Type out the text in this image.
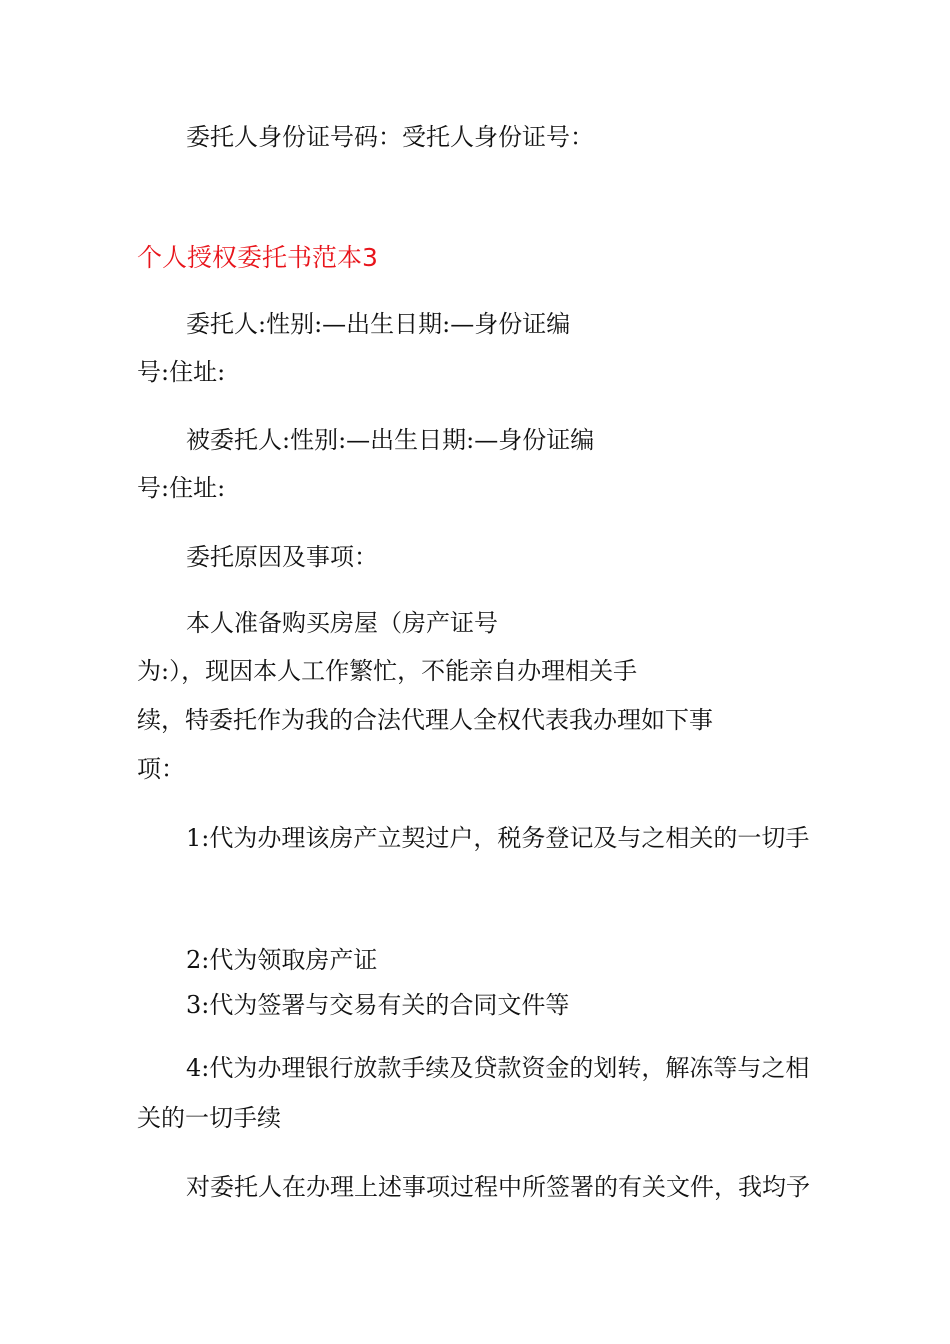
委托人身份证号码：受托人身份证号：
个人授权委托书范本3
委托人:性别:—出生日期:—身份证编
号:住址:
被委托人:性别:—出生日期:—身份证编
号:住址:
委托原因及事项：
本人准备购买房屋（房产证号
为:），现因本人工作繁忙，不能亲自办理相关手
续，特委托作为我的合法代理人全权代表我办理如下事
项：
1:代为办理该房产立契过户，税务登记及与之相关的一切手
2:代为领取房产证
3:代为签署与交易有关的合同文件等
4:代为办理银行放款手续及贷款资金的划转，解冻等与之相
关的一切手续
对委托人在办理上述事项过程中所签署的有关文件，我均予
